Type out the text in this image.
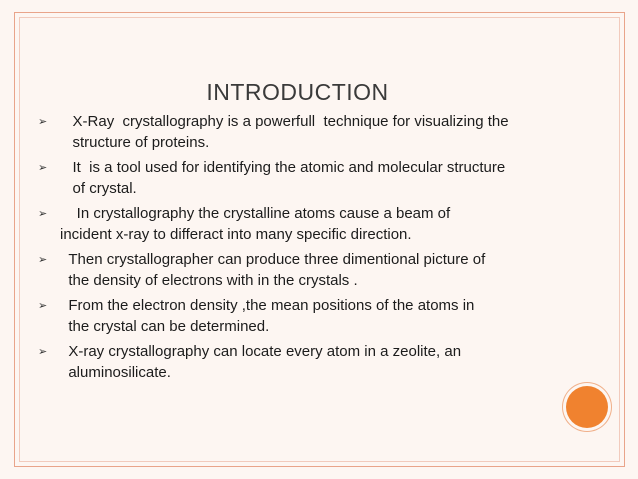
INTRODUCTION
➢	X-Ray  crystallography is a powerfull  technique for visualizing the
structure of proteins.
➢	It  is a tool used for identifying the atomic and molecular structure
of crystal.
➢	In crystallography the crystalline atoms cause a beam of
incident x-ray to differact into many specific direction.
➢	Then crystallographer can produce three dimentional picture of
the density of electrons with in the crystals .
➢	From the electron density ,the mean positions of the atoms in
the crystal can be determined.
➢	X-ray crystallography can locate every atom in a zeolite, an
aluminosilicate.
